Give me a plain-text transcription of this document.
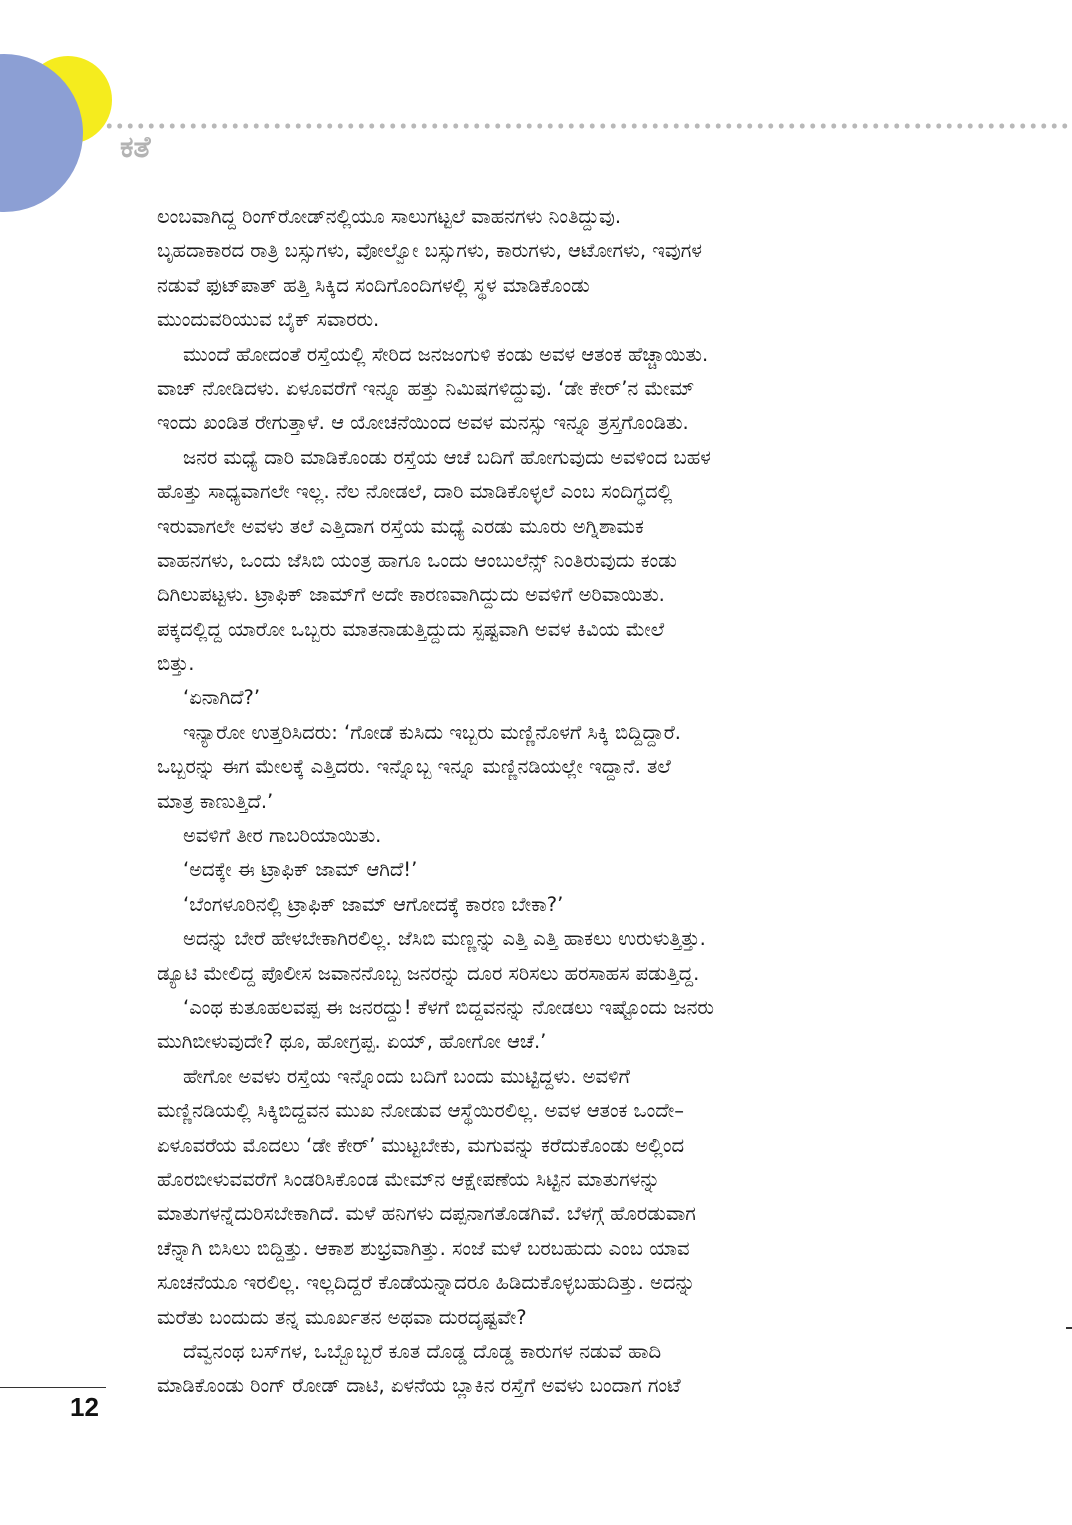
ಕತೆ
ಲಂಬವಾಗಿದ್ದ ರಿಂಗ್‌ರೋಡ್‌ನಲ್ಲಿಯೂ ಸಾಲುಗಟ್ಟಲೆ ವಾಹನಗಳು ನಿಂತಿದ್ದುವು.
ಬೃಹದಾಕಾರದ ರಾತ್ರಿ ಬಸ್ಸುಗಳು, ವೋಲ್ವೋ ಬಸ್ಸುಗಳು, ಕಾರುಗಳು, ಆಟೋಗಳು, ಇವುಗಳ
ನಡುವೆ ಫುಟ್‌ಪಾತ್ ಹತ್ತಿ ಸಿಕ್ಕಿದ ಸಂದಿಗೊಂದಿಗಳಲ್ಲಿ ಸ್ಥಳ ಮಾಡಿಕೊಂಡು
ಮುಂದುವರಿಯುವ ಬೈಕ್ ಸವಾರರು.
ಮುಂದೆ ಹೋದಂತೆ ರಸ್ತೆಯಲ್ಲಿ ಸೇರಿದ ಜನಜಂಗುಳಿ ಕಂಡು ಅವಳ ಆತಂಕ ಹೆಚ್ಚಾಯಿತು.
ವಾಚ್ ನೋಡಿದಳು. ಏಳೂವರೆಗೆ ಇನ್ನೂ ಹತ್ತು ನಿಮಿಷಗಳಿದ್ದುವು. ‘ಡೇ ಕೇರ್’ನ ಮೇಮ್
ಇಂದು ಖಂಡಿತ ರೇಗುತ್ತಾಳೆ. ಆ ಯೋಚನೆಯಿಂದ ಅವಳ ಮನಸ್ಸು ಇನ್ನೂ ತ್ರಸ್ತಗೊಂಡಿತು.
ಜನರ ಮಧ್ಯೆ ದಾರಿ ಮಾಡಿಕೊಂಡು ರಸ್ತೆಯ ಆಚೆ ಬದಿಗೆ ಹೋಗುವುದು ಅವಳಿಂದ ಬಹಳ
ಹೊತ್ತು ಸಾಧ್ಯವಾಗಲೇ ಇಲ್ಲ. ನೆಲ ನೋಡಲೆ, ದಾರಿ ಮಾಡಿಕೊಳ್ಳಲೆ ಎಂಬ ಸಂದಿಗ್ಧದಲ್ಲಿ
ಇರುವಾಗಲೇ ಅವಳು ತಲೆ ಎತ್ತಿದಾಗ ರಸ್ತೆಯ ಮಧ್ಯೆ ಎರಡು ಮೂರು ಅಗ್ನಿಶಾಮಕ
ವಾಹನಗಳು, ಒಂದು ಜೆಸಿಬಿ ಯಂತ್ರ ಹಾಗೂ ಒಂದು ಆಂಬುಲೆನ್ಸ್ ನಿಂತಿರುವುದು ಕಂಡು
ದಿಗಿಲುಪಟ್ಟಳು. ಟ್ರಾಫಿಕ್ ಜಾಮ್‌ಗೆ ಅದೇ ಕಾರಣವಾಗಿದ್ದುದು ಅವಳಿಗೆ ಅರಿವಾಯಿತು.
ಪಕ್ಕದಲ್ಲಿದ್ದ ಯಾರೋ ಒಬ್ಬರು ಮಾತನಾಡುತ್ತಿದ್ದುದು ಸ್ಪಷ್ಟವಾಗಿ ಅವಳ ಕಿವಿಯ ಮೇಲೆ
ಬಿತ್ತು.
‘ಏನಾಗಿದೆ?’
ಇನ್ಯಾರೋ ಉತ್ತರಿಸಿದರು: ‘ಗೋಡೆ ಕುಸಿದು ಇಬ್ಬರು ಮಣ್ಣಿನೊಳಗೆ ಸಿಕ್ಕಿ ಬಿದ್ದಿದ್ದಾರೆ.
ಒಬ್ಬರನ್ನು ಈಗ ಮೇಲಕ್ಕೆ ಎತ್ತಿದರು. ಇನ್ನೊಬ್ಬ ಇನ್ನೂ ಮಣ್ಣಿನಡಿಯಲ್ಲೇ ಇದ್ದಾನೆ. ತಲೆ
ಮಾತ್ರ ಕಾಣುತ್ತಿದೆ.’
ಅವಳಿಗೆ ತೀರ ಗಾಬರಿಯಾಯಿತು.
‘ಅದಕ್ಕೇ ಈ ಟ್ರಾಫಿಕ್ ಜಾಮ್ ಆಗಿದೆ!’
‘ಬೆಂಗಳೂರಿನಲ್ಲಿ ಟ್ರಾಫಿಕ್ ಜಾಮ್ ಆಗೋದಕ್ಕೆ ಕಾರಣ ಬೇಕಾ?’
ಅದನ್ನು ಬೇರೆ ಹೇಳಬೇಕಾಗಿರಲಿಲ್ಲ. ಜೆಸಿಬಿ ಮಣ್ಣನ್ನು ಎತ್ತಿ ಎತ್ತಿ ಹಾಕಲು ಉರುಳುತ್ತಿತ್ತು.
ಡ್ಯೂಟಿ ಮೇಲಿದ್ದ ಪೊಲೀಸ ಜವಾನನೊಬ್ಬ ಜನರನ್ನು ದೂರ ಸರಿಸಲು ಹರಸಾಹಸ ಪಡುತ್ತಿದ್ದ.
‘ಎಂಥ ಕುತೂಹಲವಪ್ಪ ಈ ಜನರದ್ದು! ಕೆಳಗೆ ಬಿದ್ದವನನ್ನು ನೋಡಲು ಇಷ್ಟೊಂದು ಜನರು
ಮುಗಿಬೀಳುವುದೇ? ಥೂ, ಹೋಗ್ರಪ್ಪ. ಏಯ್, ಹೋಗೋ ಆಚೆ.’
ಹೇಗೋ ಅವಳು ರಸ್ತೆಯ ಇನ್ನೊಂದು ಬದಿಗೆ ಬಂದು ಮುಟ್ಟಿದ್ದಳು. ಅವಳಿಗೆ
ಮಣ್ಣಿನಡಿಯಲ್ಲಿ ಸಿಕ್ಕಿಬಿದ್ದವನ ಮುಖ ನೋಡುವ ಆಸ್ಥೆಯಿರಲಿಲ್ಲ. ಅವಳ ಆತಂಕ ಒಂದೇ–
ಏಳೂವರೆಯ ಮೊದಲು ‘ಡೇ ಕೇರ್’ ಮುಟ್ಟಬೇಕು, ಮಗುವನ್ನು ಕರೆದುಕೊಂಡು ಅಲ್ಲಿಂದ
ಹೊರಬೀಳುವವರೆಗೆ ಸಿಂಡರಿಸಿಕೊಂಡ ಮೇಮ್‌ನ ಆಕ್ಷೇಪಣೆಯ ಸಿಟ್ಟಿನ ಮಾತುಗಳನ್ನು
ಮಾತುಗಳನ್ನೆದುರಿಸಬೇಕಾಗಿದೆ. ಮಳೆ ಹನಿಗಳು ದಪ್ಪನಾಗತೊಡಗಿವೆ. ಬೆಳಗ್ಗೆ ಹೊರಡುವಾಗ
ಚೆನ್ನಾಗಿ ಬಿಸಿಲು ಬಿದ್ದಿತ್ತು. ಆಕಾಶ ಶುಭ್ರವಾಗಿತ್ತು. ಸಂಜೆ ಮಳೆ ಬರಬಹುದು ಎಂಬ ಯಾವ
ಸೂಚನೆಯೂ ಇರಲಿಲ್ಲ. ಇಲ್ಲದಿದ್ದರೆ ಕೊಡೆಯನ್ನಾದರೂ ಹಿಡಿದುಕೊಳ್ಳಬಹುದಿತ್ತು. ಅದನ್ನು
ಮರೆತು ಬಂದುದು ತನ್ನ ಮೂರ್ಖತನ ಅಥವಾ ದುರದೃಷ್ಟವೇ?
ದೆವ್ವನಂಥ ಬಸ್‌ಗಳ, ಒಬ್ಬೊಬ್ಬರೆ ಕೂತ ದೊಡ್ಡ ದೊಡ್ಡ ಕಾರುಗಳ ನಡುವೆ ಹಾದಿ
ಮಾಡಿಕೊಂಡು ರಿಂಗ್ ರೋಡ್ ದಾಟಿ, ಏಳನೆಯ ಬ್ಲಾಕಿನ ರಸ್ತೆಗೆ ಅವಳು ಬಂದಾಗ ಗಂಟೆ
12
